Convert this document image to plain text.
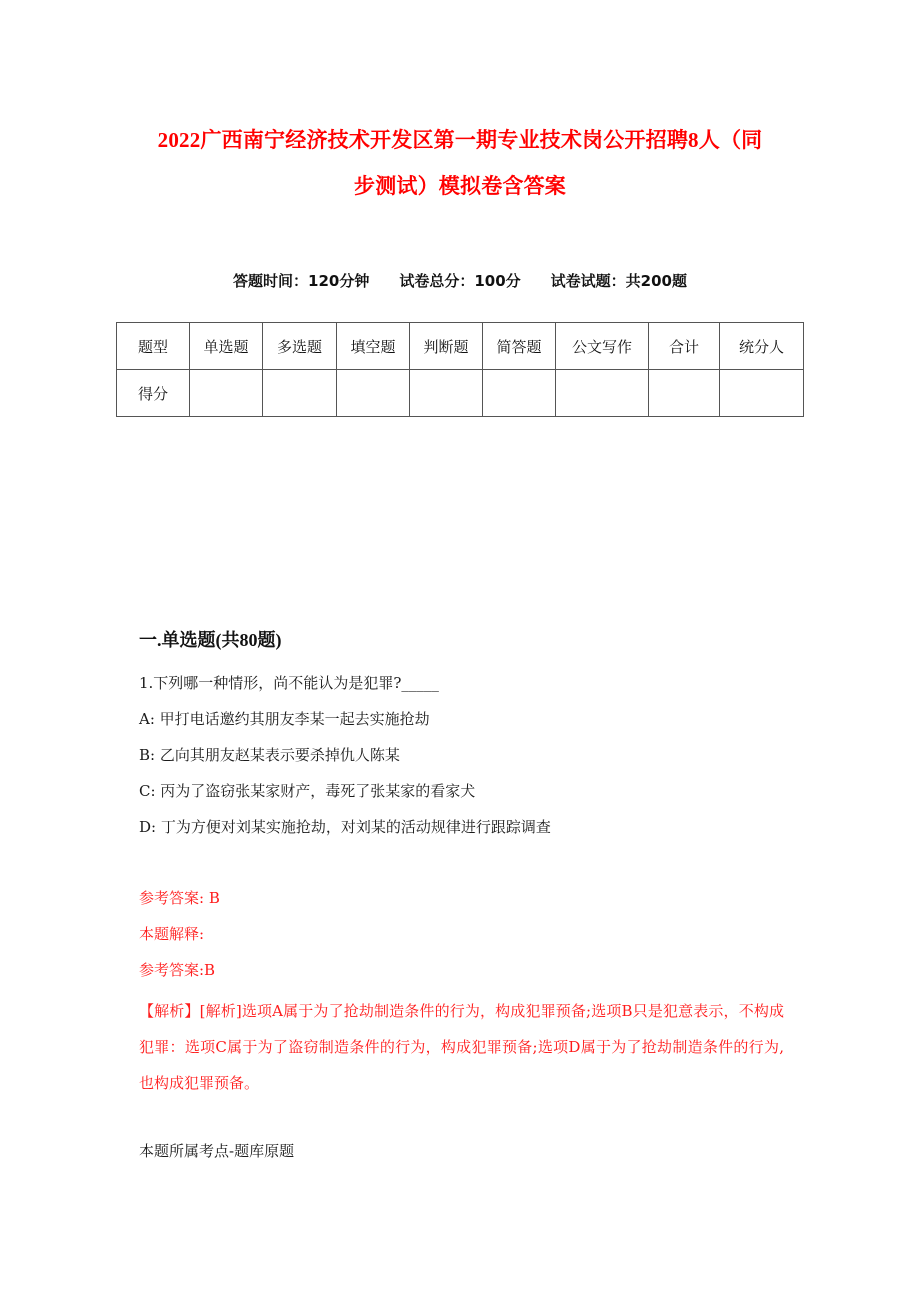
2022广西南宁经济技术开发区第一期专业技术岗公开招聘8人（同
步测试）模拟卷含答案
答题时间：120分钟 试卷总分：100分 试卷试题：共200题
题型	单选题	多选题	填空题	判断题	简答题	公文写作	合计	统分人
得分								
一.单选题(共80题)
1.下列哪一种情形，尚不能认为是犯罪?_____
A: 甲打电话邀约其朋友李某一起去实施抢劫
B: 乙向其朋友赵某表示要杀掉仇人陈某
C: 丙为了盗窃张某家财产，毒死了张某家的看家犬
D: 丁为方便对刘某实施抢劫，对刘某的活动规律进行跟踪调查
参考答案: B
本题解释:
参考答案:B
【解析】[解析]选项A属于为了抢劫制造条件的行为，构成犯罪预备;选项B只是犯意表示，不构成犯罪：选项C属于为了盗窃制造条件的行为，构成犯罪预备;选项D属于为了抢劫制造条件的行为,也构成犯罪预备。
本题所属考点-题库原题
